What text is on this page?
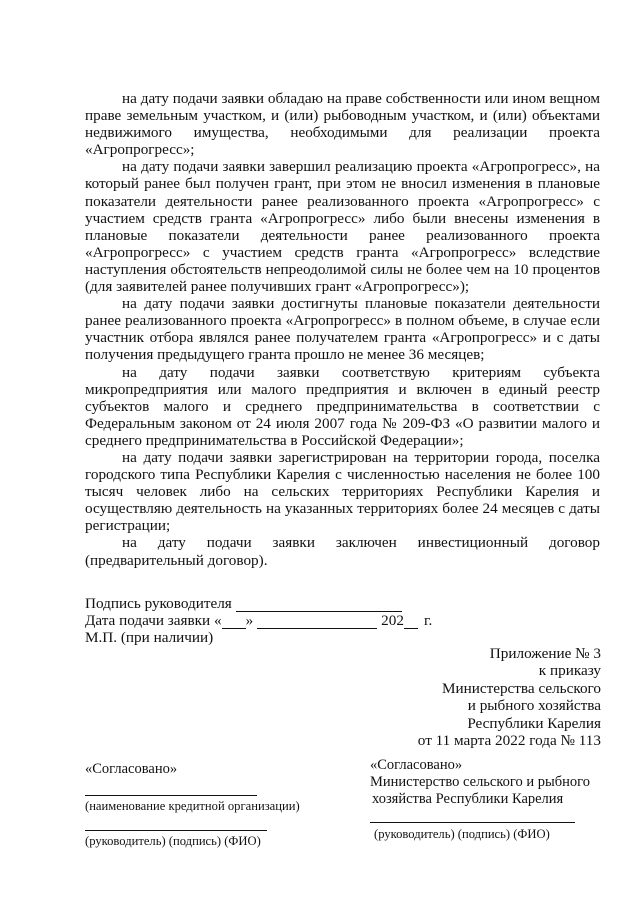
на дату подачи заявки обладаю на праве собственности или ином вещном праве земельным участком, и (или) рыбоводным участком, и (или) объектами недвижимого имущества, необходимыми для реализации проекта «Агропрогресс»;

на дату подачи заявки завершил реализацию проекта «Агропрогресс», на который ранее был получен грант, при этом не вносил изменения в плановые показатели деятельности ранее реализованного проекта «Агропрогресс» с участием средств гранта «Агропрогресс» либо были внесены изменения в плановые показатели деятельности ранее реализованного проекта «Агропрогресс» с участием средств гранта «Агропрогресс» вследствие наступления обстоятельств непреодолимой силы не более чем на 10 процентов (для заявителей ранее получивших грант «Агропрогресс»);

на дату подачи заявки достигнуты плановые показатели деятельности ранее реализованного проекта «Агропрогресс» в полном объеме, в случае если участник отбора являлся ранее получателем гранта «Агропрогресс» и с даты получения предыдущего гранта прошло не менее 36 месяцев;

на дату подачи заявки соответствую критериям субъекта микропредприятия или малого предприятия и включен в единый реестр субъектов малого и среднего предпринимательства в соответствии с Федеральным законом от 24 июля 2007 года № 209-ФЗ «О развитии малого и среднего предпринимательства в Российской Федерации»;

на дату подачи заявки зарегистрирован на территории города, поселка городского типа Республики Карелия с численностью населения не более 100 тысяч человек либо на сельских территориях Республики Карелия и осуществляю деятельность на указанных территориях более 24 месяцев с даты регистрации;

на дату подачи заявки заключен инвестиционный договор (предварительный договор).

Подпись руководителя
Дата подачи заявки « »	202 г.
М.П. (при наличии)
Приложение № 3
к приказу
Министерства сельского
и рыбного хозяйства
Республики Карелия
от 11 марта 2022 года № 113
«Согласовано»
(наименование кредитной организации)
(руководитель) (подпись) (ФИО)
«Согласовано»
Министерство сельского и рыбного
хозяйства Республики Карелия
(руководитель) (подпись) (ФИО)
